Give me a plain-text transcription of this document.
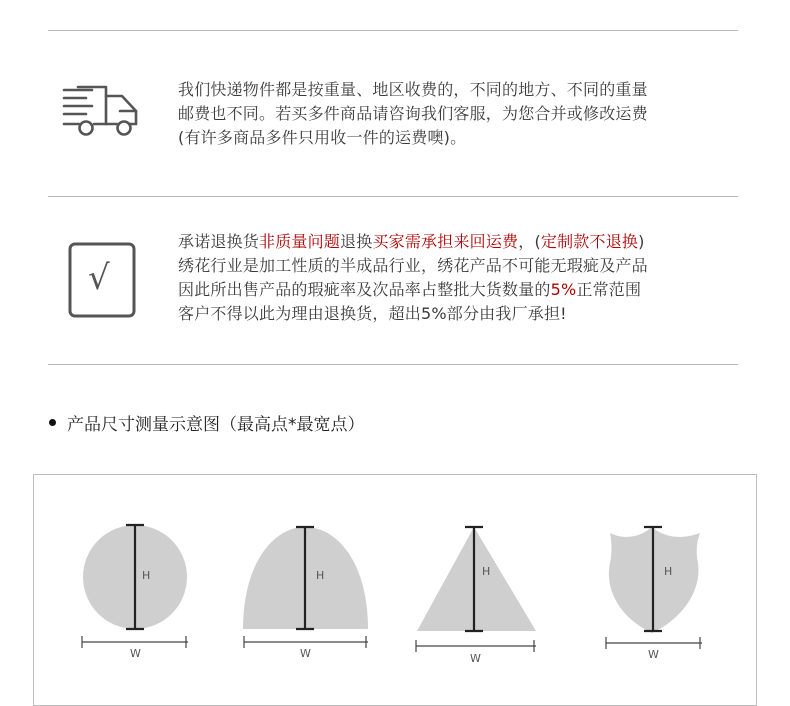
我们快递物件都是按重量、地区收费的，不同的地方、不同的重量
邮费也不同。若买多件商品请咨询我们客服，为您合并或修改运费
(有许多商品多件只用收一件的运费噢)。
√
承诺退换货非质量问题退换买家需承担来回运费，(定制款不退换)
绣花行业是加工性质的半成品行业，绣花产品不可能无瑕疵及产品
因此所出售产品的瑕疵率及次品率占整批大货数量的5%正常范围
客户不得以此为理由退换货，超出5%部分由我厂承担!
产品尺寸测量示意图（最高点*最宽点）
H
W
H
W
H
W
H
W
